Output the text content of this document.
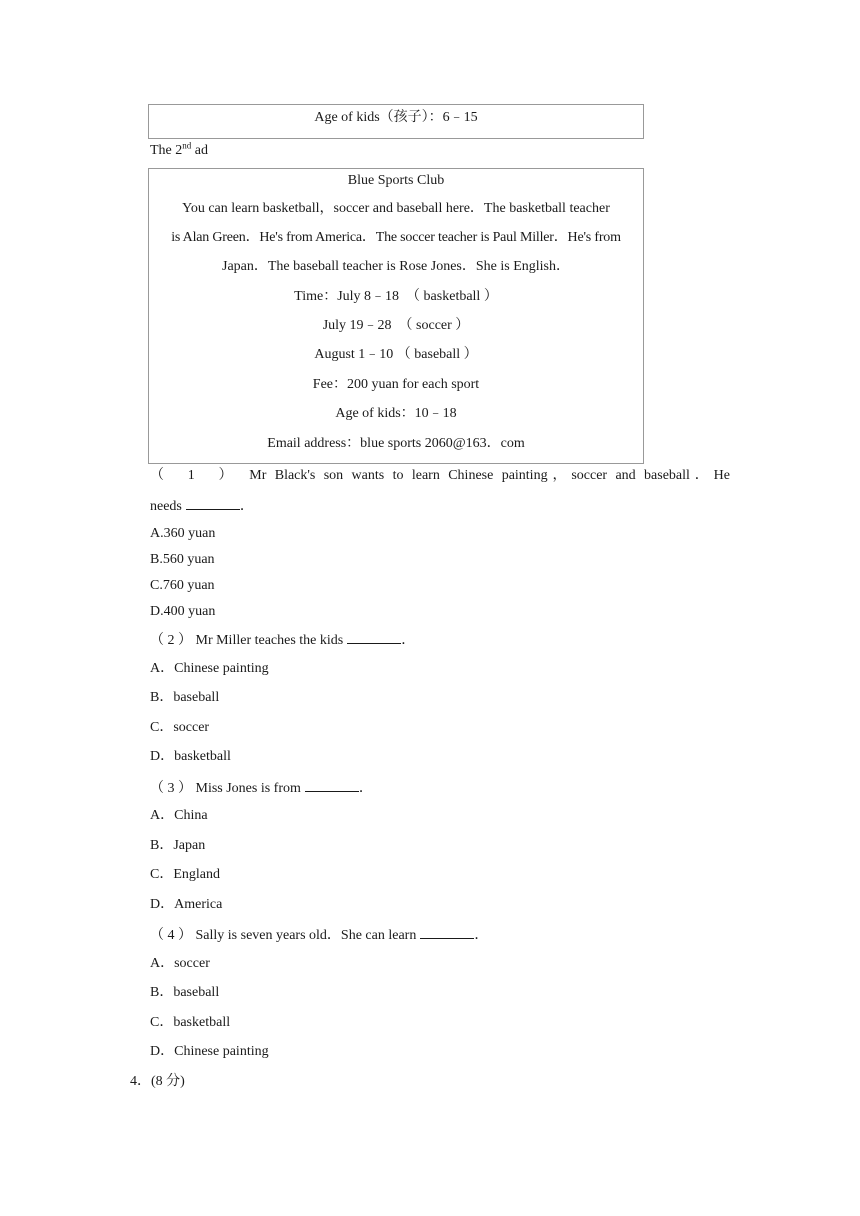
Age of kids（孩子）：6﹣15
The 2nd ad
Blue Sports Club
You can learn basketball，soccer and baseball here．The basketball teacher
is Alan Green．He's from America．The soccer teacher is Paul Miller．He's from
Japan．The baseball teacher is Rose Jones．She is English．
Time：July 8﹣18　（ basketball ）
July 19﹣28　（ soccer ）
August 1﹣10 （ baseball ）
Fee：200 yuan for each sport
Age of kids：10﹣18
Email address：blue sports 2060@163．com
（　1　）　Mr Black's son wants to learn Chinese painting，soccer and baseball．He
needs	．
A.360 yuan
B.560 yuan
C.760 yuan
D.400 yuan
（ 2 ） Mr Miller teaches the kids	．
A．Chinese painting
B．baseball
C．soccer
D．basketball
（ 3 ） Miss Jones is from	．
A．China
B．Japan
C．England
D．America
（ 4 ） Sally is seven years old．She can learn	．
A．soccer
B．baseball
C．basketball
D．Chinese painting
4．(8 分)
